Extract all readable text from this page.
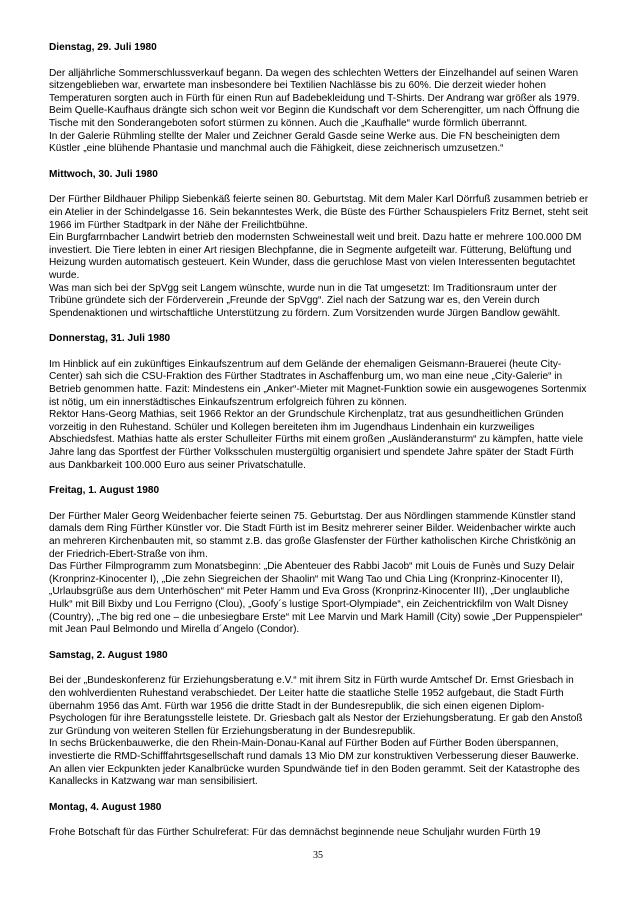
Dienstag, 29. Juli 1980

Der alljährliche Sommerschlussverkauf begann. Da wegen des schlechten Wetters der Einzelhandel auf seinen Waren sitzengeblieben war, erwartete man insbesondere bei Textilien Nachlässe bis zu 60%. Die derzeit wieder hohen Temperaturen sorgten auch in Fürth für einen Run auf Badebekleidung und T-Shirts. Der Andrang war größer als 1979. Beim Quelle-Kaufhaus drängte sich schon weit vor Beginn die Kundschaft vor dem Scherengitter, um nach Öffnung die Tische mit den Sonderangeboten sofort stürmen zu können. Auch die „Kaufhalle“ wurde förmlich überrannt.

In der Galerie Rühmling stellte der Maler und Zeichner Gerald Gasde seine Werke aus. Die FN bescheinigten dem Küstler „eine blühende Phantasie und manchmal auch die Fähigkeit, diese zeichnerisch umzusetzen.“

Mittwoch, 30. Juli 1980

Der Fürther Bildhauer Philipp Siebenkäß feierte seinen 80. Geburtstag. Mit dem Maler Karl Dörrfuß zusammen betrieb er ein Atelier in der Schindelgasse 16. Sein bekanntestes Werk, die Büste des Fürther Schauspielers Fritz Bernet, steht seit 1966 im Fürther Stadtpark in der Nähe der Freilichtbühne.

Ein Burgfarrnbacher Landwirt betrieb den modernsten Schweinestall weit und breit. Dazu hatte er mehrere 100.000 DM investiert. Die Tiere lebten in einer Art riesigen Blechpfanne, die in Segmente aufgeteilt war. Fütterung, Belüftung und Heizung wurden automatisch gesteuert. Kein Wunder, dass die geruchlose Mast von vielen Interessenten begutachtet wurde.

Was man sich bei der SpVgg seit Langem wünschte, wurde nun in die Tat umgesetzt: Im Traditionsraum unter der Tribüne gründete sich der Förderverein „Freunde der SpVgg“. Ziel nach der Satzung war es, den Verein durch Spendenaktionen und wirtschaftliche Unterstützung zu fördern. Zum Vorsitzenden wurde Jürgen Bandlow gewählt.

Donnerstag, 31. Juli 1980

Im Hinblick auf ein zukünftiges Einkaufszentrum auf dem Gelände der ehemaligen Geismann-Brauerei (heute City-Center) sah sich die CSU-Fraktion des Fürther Stadtrates in Aschaffenburg um, wo man eine neue „City-Galerie“ in Betrieb genommen hatte. Fazit: Mindestens ein „Anker“-Mieter mit Magnet-Funktion sowie ein ausgewogenes Sortenmix ist nötig, um ein innerstädtisches Einkaufszentrum erfolgreich führen zu können.

Rektor Hans-Georg Mathias, seit 1966 Rektor an der Grundschule Kirchenplatz, trat aus gesundheitlichen Gründen vorzeitig in den Ruhestand. Schüler und Kollegen bereiteten ihm im Jugendhaus Lindenhain ein kurzweiliges Abschiedsfest. Mathias hatte als erster Schulleiter Fürths mit einem großen „Ausländeransturm“ zu kämpfen, hatte viele Jahre lang das Sportfest der Fürther Volksschulen mustergültig organisiert und spendete Jahre später der Stadt Fürth aus Dankbarkeit 100.000 Euro aus seiner Privatschatulle.

Freitag, 1. August 1980

Der Fürther Maler Georg Weidenbacher feierte seinen 75. Geburtstag. Der aus Nördlingen stammende Künstler stand damals dem Ring Fürther Künstler vor. Die Stadt Fürth ist im Besitz mehrerer seiner Bilder. Weidenbacher wirkte auch an mehreren Kirchenbauten mit, so stammt z.B. das große Glasfenster der Fürther katholischen Kirche Christkönig an der Friedrich-Ebert-Straße von ihm.

Das Fürther Filmprogramm zum Monatsbeginn: „Die Abenteuer des Rabbi Jacob“ mit Louis de Funès und Suzy Delair (Kronprinz-Kinocenter I), „Die zehn Siegreichen der Shaolin“ mit Wang Tao und Chia Ling (Kronprinz-Kinocenter II), „Urlaubsgrüße aus dem Unterhöschen“ mit Peter Hamm und Eva Gross (Kronprinz-Kinocenter III), „Der unglaubliche Hulk“ mit Bill Bixby und Lou Ferrigno (Clou), „Goofy´s lustige Sport-Olympiade“, ein Zeichentrickfilm von Walt Disney (Country), „The big red one – die unbesiegbare Erste“ mit Lee Marvin und Mark Hamill (City) sowie „Der Puppenspieler“ mit Jean Paul Belmondo und Mirella d´Angelo (Condor).

Samstag, 2. August 1980

Bei der „Bundeskonferenz für Erziehungsberatung e.V.“ mit ihrem Sitz in Fürth wurde Amtschef Dr. Ernst Griesbach in den wohlverdienten Ruhestand verabschiedet. Der Leiter hatte die staatliche Stelle 1952 aufgebaut, die Stadt Fürth übernahm 1956 das Amt. Fürth war 1956 die dritte Stadt in der Bundesrepublik, die sich einen eigenen Diplom-Psychologen für ihre Beratungsstelle leistete. Dr. Griesbach galt als Nestor der Erziehungsberatung. Er gab den Anstoß zur Gründung von weiteren Stellen für Erziehungsberatung in der Bundesrepublik.

In sechs Brückenbauwerke, die den Rhein-Main-Donau-Kanal auf Fürther Boden auf Fürther Boden überspannen, investierte die RMD-Schifffahrtsgesellschaft rund damals 13 Mio DM zur konstruktiven Verbesserung dieser Bauwerke. An allen vier Eckpunkten jeder Kanalbrücke wurden Spundwände tief in den Boden gerammt. Seit der Katastrophe des Kanallecks in Katzwang war man sensibilisiert.

Montag, 4. August 1980

Frohe Botschaft für das Fürther Schulreferat: Für das demnächst beginnende neue Schuljahr wurden Fürth 19

35
